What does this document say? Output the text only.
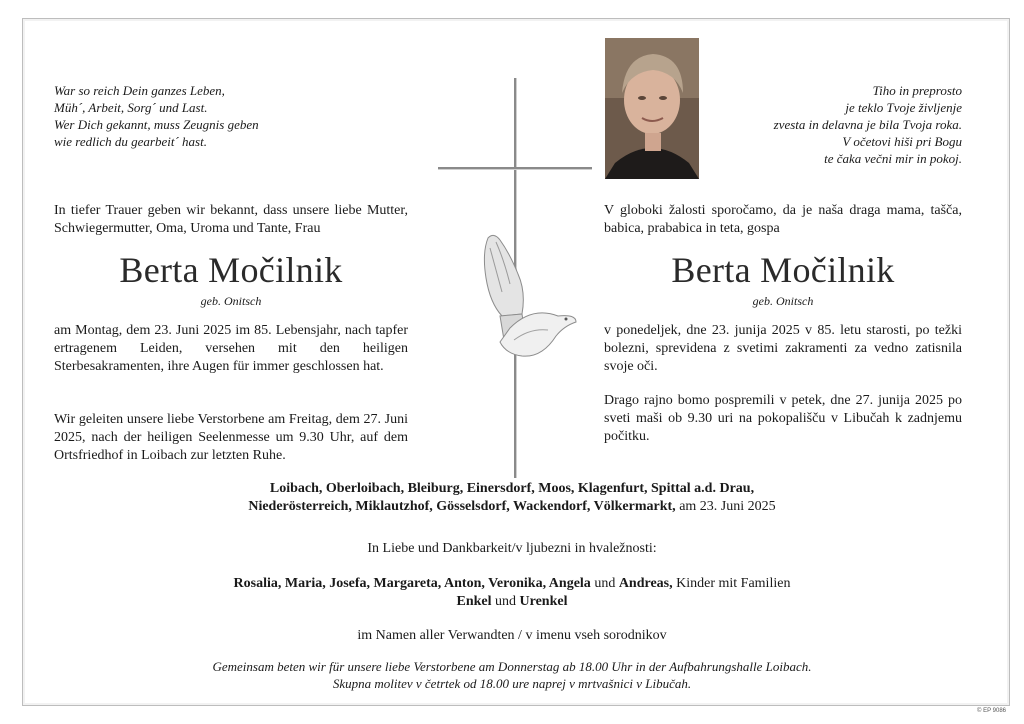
War so reich Dein ganzes Leben,
Müh´, Arbeit, Sorg´ und Last.
Wer Dich gekannt, muss Zeugnis geben
wie redlich du gearbeit´ hast.
Tiho in preprosto
je teklo Tvoje življenje
zvesta in delavna je bila Tvoja roka.
V očetovi hiši pri Bogu
te čaka večni mir in pokoj.
In tiefer Trauer geben wir bekannt, dass unsere liebe Mutter, Schwiegermutter, Oma, Uroma und Tante, Frau
Berta Močilnik
geb. Onitsch
am Montag, dem 23. Juni 2025 im 85. Lebensjahr, nach tapfer ertragenem Leiden, versehen mit den heiligen Sterbesakramenten, ihre Augen für immer geschlossen hat.
Wir geleiten unsere liebe Verstorbene am Freitag, dem 27. Juni 2025, nach der heiligen Seelenmesse um 9.30 Uhr, auf dem Ortsfriedhof in Loibach zur letzten Ruhe.
V globoki žalosti sporočamo, da je naša draga mama, tašča, babica, prababica in teta, gospa
Berta Močilnik
geb. Onitsch
v ponedeljek, dne 23. junija 2025 v 85. letu starosti, po težki bolezni, sprevidena z svetimi zakramenti za vedno zatisnila svoje oči.
Drago rajno bomo pospremili v petek, dne 27. junija 2025 po sveti maši ob 9.30 uri na pokopališču v Libučah k zadnjemu počitku.
Loibach, Oberloibach, Bleiburg, Einersdorf, Moos, Klagenfurt, Spittal a.d. Drau,
Niederösterreich, Miklautzhof, Gösselsdorf, Wackendorf, Völkermarkt, am 23. Juni 2025
In Liebe und Dankbarkeit/v ljubezni in hvaležnosti:
Rosalia, Maria, Josefa, Margareta, Anton, Veronika, Angela und Andreas, Kinder mit Familien
Enkel und Urenkel
im Namen aller Verwandten / v imenu vseh sorodnikov
Gemeinsam beten wir für unsere liebe Verstorbene am Donnerstag ab 18.00 Uhr in der Aufbahrungshalle Loibach.
Skupna molitev v četrtek od 18.00 ure naprej v mrtvašnici v Libučah.
© EP 9086
